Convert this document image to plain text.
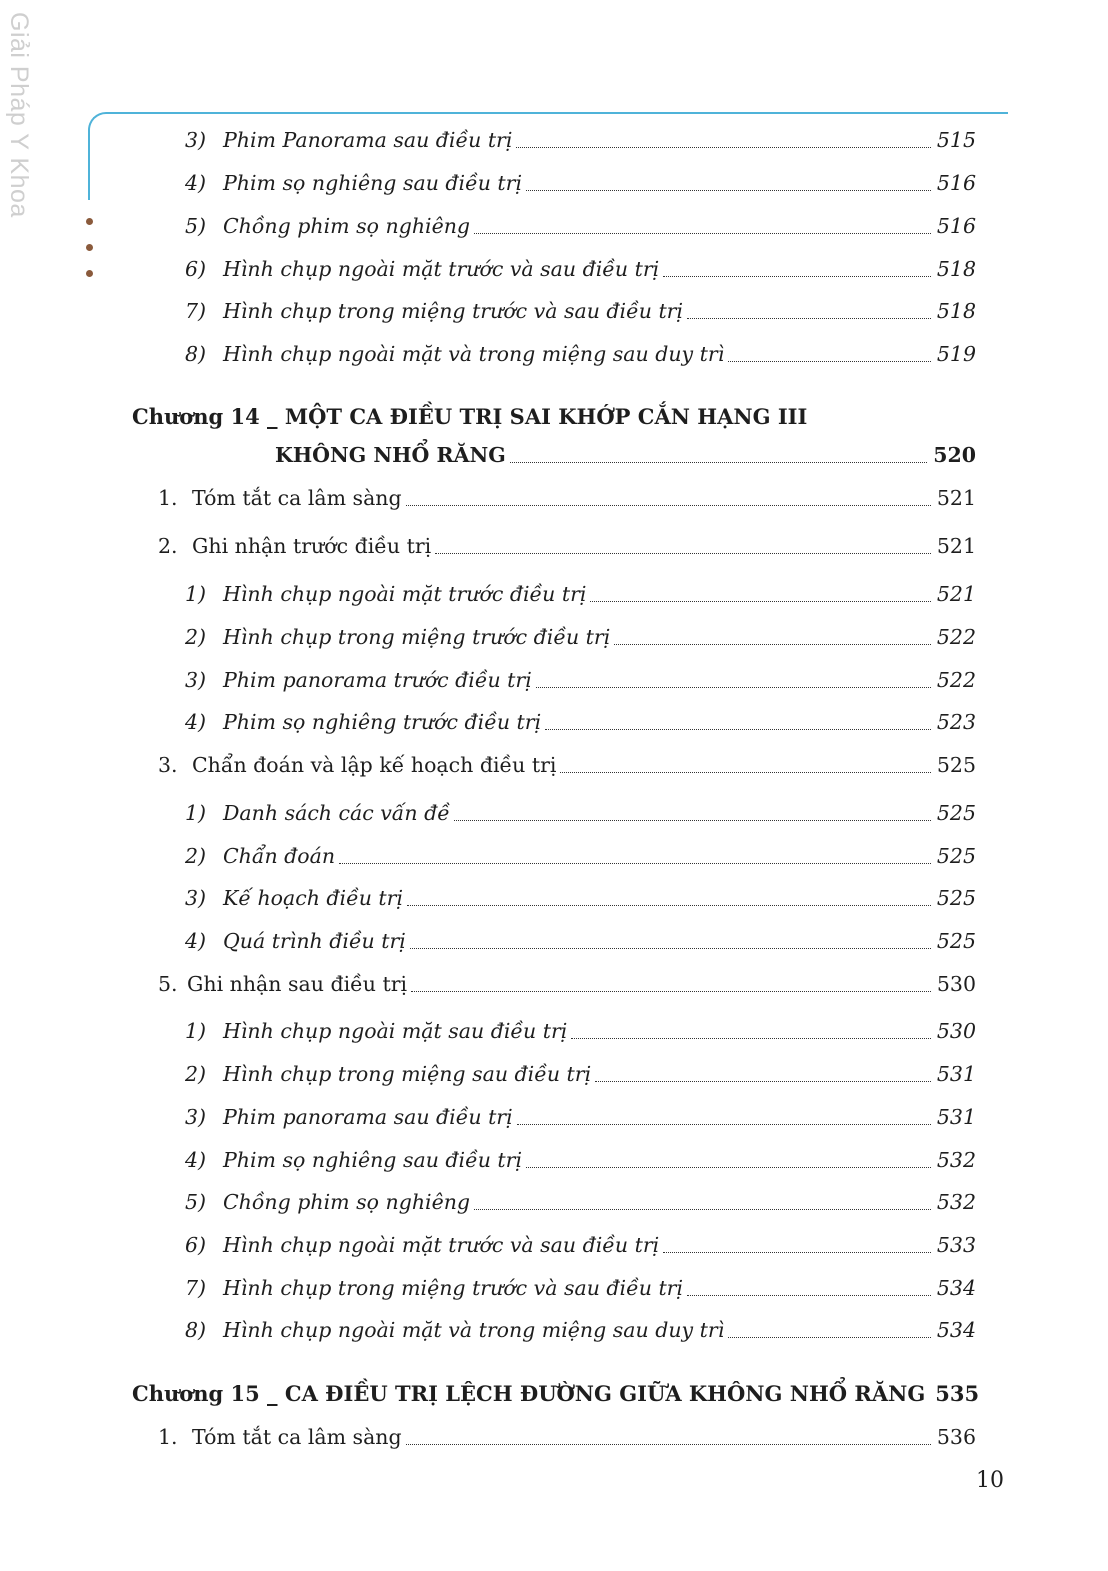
Giải Pháp Y Khoa	3) Phim Panorama sau điều trị	515
4) Phim sọ nghiêng sau điều trị	516
5) Chồng phim sọ nghiêng	516
6) Hình chụp ngoài mặt trước và sau điều trị	518
7) Hình chụp trong miệng trước và sau điều trị	518
8) Hình chụp ngoài mặt và trong miệng sau duy trì	519
Chương 14 _ MỘT CA ĐIỀU TRỊ SAI KHỚP CẮN HẠNG III
KHÔNG NHỔ RĂNG	520
1. Tóm tắt ca lâm sàng	521
2. Ghi nhận trước điều trị	521
1) Hình chụp ngoài mặt trước điều trị	521
2) Hình chụp trong miệng trước điều trị	522
3) Phim panorama trước điều trị	522
4) Phim sọ nghiêng trước điều trị	523
3. Chẩn đoán và lập kế hoạch điều trị	525
1) Danh sách các vấn đề	525
2) Chẩn đoán	525
3) Kế hoạch điều trị	525
4) Quá trình điều trị	525
5. Ghi nhận sau điều trị	530
1) Hình chụp ngoài mặt sau điều trị	530
2) Hình chụp trong miệng sau điều trị	531
3) Phim panorama sau điều trị	531
4) Phim sọ nghiêng sau điều trị	532
5) Chồng phim sọ nghiêng	532
6) Hình chụp ngoài mặt trước và sau điều trị	533
7) Hình chụp trong miệng trước và sau điều trị	534
8) Hình chụp ngoài mặt và trong miệng sau duy trì	534
Chương 15 _ CA ĐIỀU TRỊ LỆCH ĐƯỜNG GIỮA KHÔNG NHỔ RĂNG 535
1. Tóm tắt ca lâm sàng	536
10
